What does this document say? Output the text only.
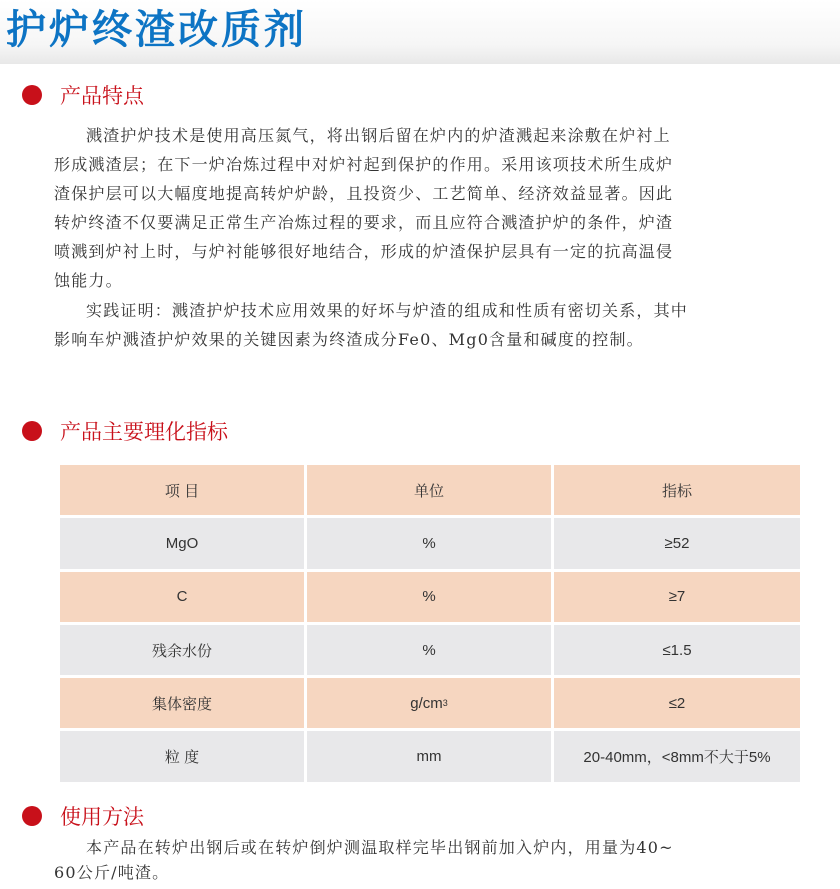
护炉终渣改质剂
产品特点
溅渣护炉技术是使用高压氮气，将出钢后留在炉内的炉渣溅起来涂敷在炉衬上
形成溅渣层；在下一炉冶炼过程中对炉衬起到保护的作用。采用该项技术所生成炉
渣保护层可以大幅度地提高转炉炉龄，且投资少、工艺简单、经济效益显著。因此
转炉终渣不仅要满足正常生产冶炼过程的要求，而且应符合溅渣护炉的条件，炉渣
喷溅到炉衬上时，与炉衬能够很好地结合，形成的炉渣保护层具有一定的抗高温侵
蚀能力。
实践证明：溅渣护炉技术应用效果的好坏与炉渣的组成和性质有密切关系，其中
影响车炉溅渣护炉效果的关键因素为终渣成分Fe0、Mg0含量和碱度的控制。
产品主要理化指标
项 目	单位	指标
MgO	%	≥52
C	%	≥7
残余水份	%	≤1.5
集体密度	g/cm 3	≤2
粒 度	mm	20-40mm，<8mm不大于5%
使用方法
本产品在转炉出钢后或在转炉倒炉测温取样完毕出钢前加入炉内，用量为40~
60公斤/吨渣。
